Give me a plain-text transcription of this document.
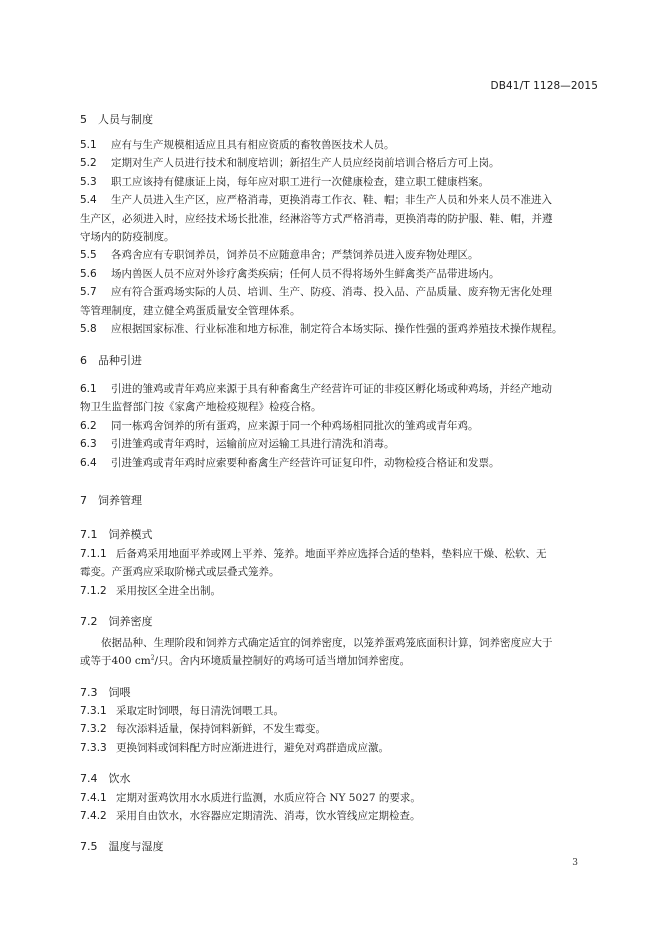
DB41/T 1128—2015
5　人员与制度
5.1 应有与生产规模相适应且具有相应资质的畜牧兽医技术人员。
5.2 定期对生产人员进行技术和制度培训；新招生产人员应经岗前培训合格后方可上岗。
5.3 职工应该持有健康证上岗，每年应对职工进行一次健康检查，建立职工健康档案。
5.4 生产人员进入生产区，应严格消毒，更换消毒工作衣、鞋、帽；非生产人员和外来人员不准进入
生产区，必须进入时，应经技术场长批准，经淋浴等方式严格消毒，更换消毒的防护服、鞋、帽，并遵
守场内的防疫制度。
5.5 各鸡舍应有专职饲养员，饲养员不应随意串舍；严禁饲养员进入废弃物处理区。
5.6 场内兽医人员不应对外诊疗禽类疾病；任何人员不得将场外生鲜禽类产品带进场内。
5.7 应有符合蛋鸡场实际的人员、培训、生产、防疫、消毒、投入品、产品质量、废弃物无害化处理
等管理制度，建立健全鸡蛋质量安全管理体系。
5.8 应根据国家标准、行业标准和地方标准，制定符合本场实际、操作性强的蛋鸡养殖技术操作规程。
6　品种引进
6.1 引进的雏鸡或青年鸡应来源于具有种畜禽生产经营许可证的非疫区孵化场或种鸡场，并经产地动
物卫生监督部门按《家禽产地检疫规程》检疫合格。
6.2 同一栋鸡舍饲养的所有蛋鸡，应来源于同一个种鸡场相同批次的雏鸡或青年鸡。
6.3 引进雏鸡或青年鸡时，运输前应对运输工具进行清洗和消毒。
6.4 引进雏鸡或青年鸡时应索要种畜禽生产经营许可证复印件，动物检疫合格证和发票。
7　饲养管理
7.1　饲养模式
7.1.1 后备鸡采用地面平养或网上平养、笼养。地面平养应选择合适的垫料，垫料应干燥、松软、无
霉变。产蛋鸡应采取阶梯式或层叠式笼养。
7.1.2 采用按区全进全出制。
7.2　饲养密度
依据品种、生理阶段和饲养方式确定适宜的饲养密度，以笼养蛋鸡笼底面积计算，饲养密度应大于
或等于400 $cm^2/$只。舍内环境质量控制好的鸡场可适当增加饲养密度。
7.3　饲喂
7.3.1 采取定时饲喂，每日清洗饲喂工具。
7.3.2 每次添料适量，保持饲料新鲜，不发生霉变。
7.3.3 更换饲料或饲料配方时应渐进进行，避免对鸡群造成应激。
7.4　饮水
7.4.1 定期对蛋鸡饮用水水质进行监测，水质应符合 NY 5027 的要求。
7.4.2 采用自由饮水，水容器应定期清洗、消毒，饮水管线应定期检查。
7.5　温度与湿度
3
